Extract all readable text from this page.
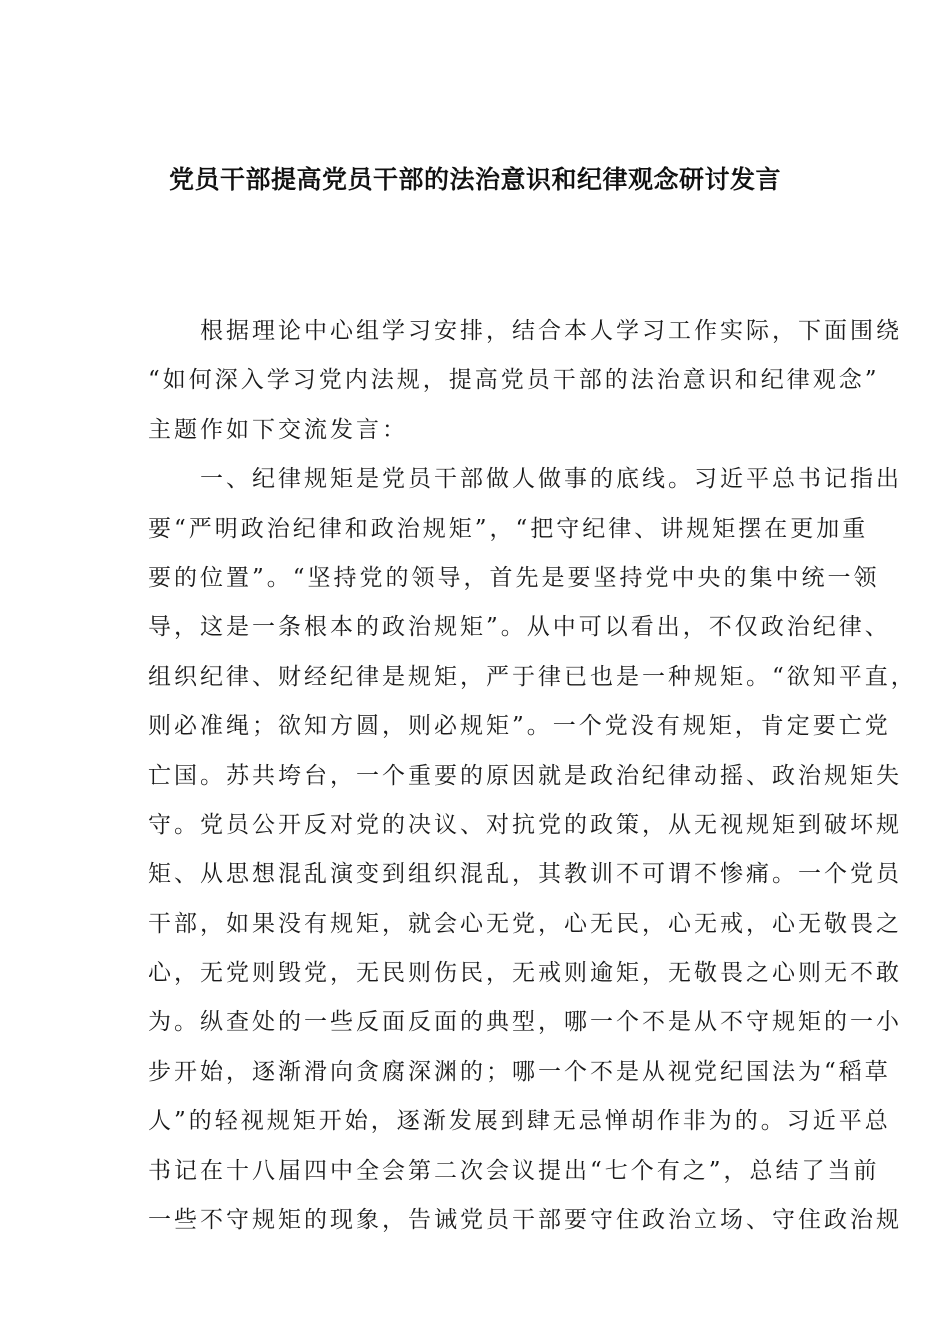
党员干部提高党员干部的法治意识和纪律观念研讨发言
　　根据理论中心组学习安排，结合本人学习工作实际，下面围绕
“如何深入学习党内法规，提高党员干部的法治意识和纪律观念”
主题作如下交流发言：
　　一、纪律规矩是党员干部做人做事的底线。习近平总书记指出
要“严明政治纪律和政治规矩”，“把守纪律、讲规矩摆在更加重
要的位置”。“坚持党的领导，首先是要坚持党中央的集中统一领
导，这是一条根本的政治规矩”。从中可以看出，不仅政治纪律、
组织纪律、财经纪律是规矩，严于律已也是一种规矩。“欲知平直，
则必准绳；欲知方圆，则必规矩”。一个党没有规矩，肯定要亡党
亡国。苏共垮台，一个重要的原因就是政治纪律动摇、政治规矩失
守。党员公开反对党的决议、对抗党的政策，从无视规矩到破坏规
矩、从思想混乱演变到组织混乱，其教训不可谓不惨痛。一个党员
干部，如果没有规矩，就会心无党，心无民，心无戒，心无敬畏之
心，无党则毁党，无民则伤民，无戒则逾矩，无敬畏之心则无不敢
为。纵查处的一些反面反面的典型，哪一个不是从不守规矩的一小
步开始，逐渐滑向贪腐深渊的；哪一个不是从视党纪国法为“稻草
人”的轻视规矩开始，逐渐发展到肆无忌惮胡作非为的。习近平总
书记在十八届四中全会第二次会议提出“七个有之”，总结了当前
一些不守规矩的现象，告诫党员干部要守住政治立场、守住政治规
